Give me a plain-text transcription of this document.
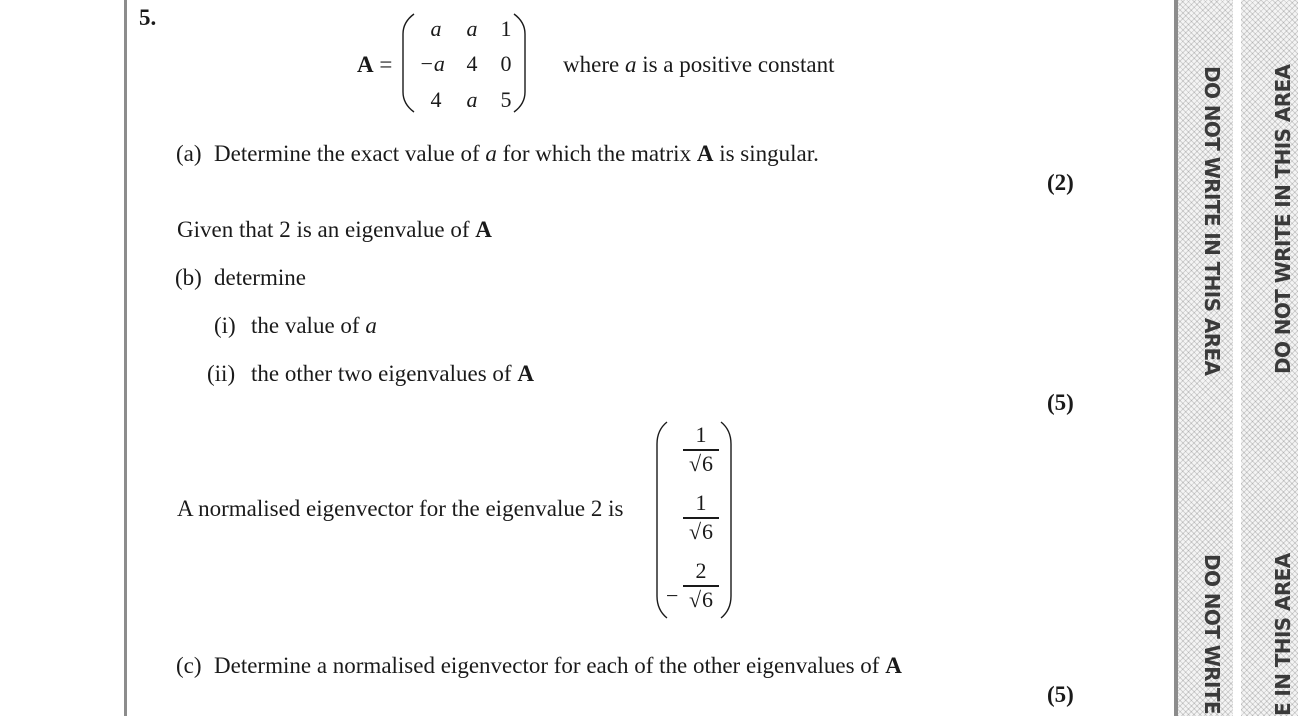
DO NOT WRITE IN THIS AREA
DO NOT WRITE
DO NOT WRITE IN THIS AREA
E IN THIS AREA
5.
A =
a	a	1
−a 4	0
4	a	5
where a is a positive constant
(a) Determine the exact value of a for which the matrix A is singular.
(2)
Given that 2 is an eigenvalue of A
(b) determine
(i) the value of a
(ii) the other two eigenvalues of A
(5)
A normalised eigenvector for the eigenvalue 2 is
1
√6
1
√6
−
2
√6
(c) Determine a normalised eigenvector for each of the other eigenvalues of A
(5)
